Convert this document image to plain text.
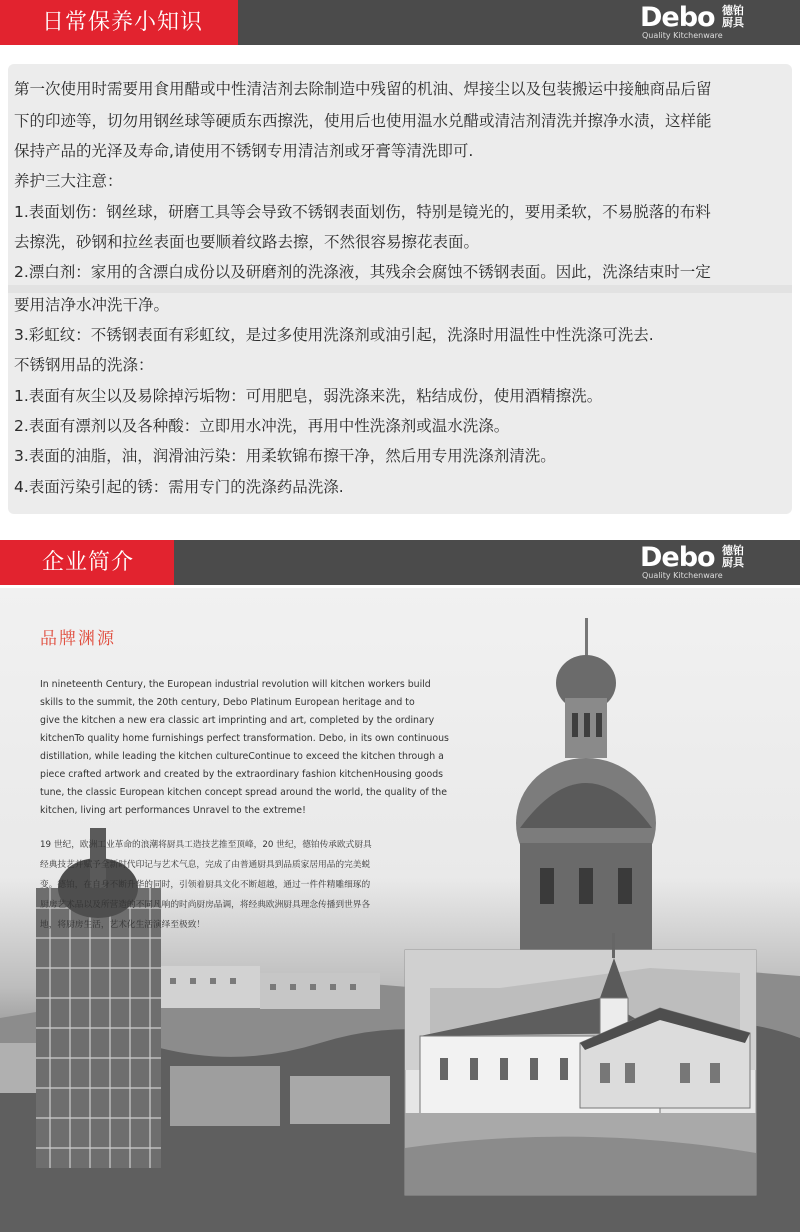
日常保养小知识	Debo 德铂厨具
Quality Kitchenware
第一次使用时需要用食用醋或中性清洁剂去除制造中残留的机油、焊接尘以及包装搬运中接触商品后留
下的印迹等，切勿用钢丝球等硬质东西擦洗，使用后也使用温水兑醋或清洁剂清洗并擦净水渍，这样能
保持产品的光泽及寿命,请使用不锈钢专用清洁剂或牙膏等清洗即可.
养护三大注意：
1.表面划伤：钢丝球，研磨工具等会导致不锈钢表面划伤，特别是镜光的，要用柔软，不易脱落的布料
去擦洗，砂钢和拉丝表面也要顺着纹路去擦，不然很容易擦花表面。
2.漂白剂：家用的含漂白成份以及研磨剂的洗涤液，其残余会腐蚀不锈钢表面。因此，洗涤结束时一定
要用洁净水冲洗干净。
3.彩虹纹：不锈钢表面有彩虹纹，是过多使用洗涤剂或油引起，洗涤时用温性中性洗涤可洗去.
不锈钢用品的洗涤：
1.表面有灰尘以及易除掉污垢物：可用肥皂，弱洗涤来洗，粘结成份，使用酒精擦洗。
2.表面有漂剂以及各种酸：立即用水冲洗，再用中性洗涤剂或温水洗涤。
3.表面的油脂，油，润滑油污染：用柔软锦布擦干净，然后用专用洗涤剂清洗。
4.表面污染引起的锈：需用专门的洗涤药品洗涤.
企业简介	Debo 德铂厨具
Quality Kitchenware
品牌渊源
In nineteenth Century, the European industrial revolution will kitchen workers build
skills to the summit, the 20th century, Debo Platinum European heritage and to
give the kitchen a new era classic art imprinting and art, completed by the ordinary
kitchenTo quality home furnishings perfect transformation. Debo, in its own continuous
distillation, while leading the kitchen cultureContinue to exceed the kitchen through a
piece crafted artwork and created by the extraordinary fashion kitchenHousing goods
tune, the classic European kitchen concept spread around the world, the quality of the
kitchen, living art performances Unravel to the extreme!
19 世纪，欧洲工业革命的浪潮将厨具工造技艺推至顶峰，20 世纪，德铂传承欧式厨具
经典技艺并赋予全新时代印记与艺术气息，完成了由普通厨具到品质家居用品的完美蜕
变。德铂，在自身不断升华的同时，引领着厨具文化不断超越，通过一件件精雕细琢的
厨房艺术品以及所营造的不同凡响的时尚厨房品调，将经典欧洲厨具理念传播到世界各
地，将厨房生活，艺术化生活演绎至极致！
